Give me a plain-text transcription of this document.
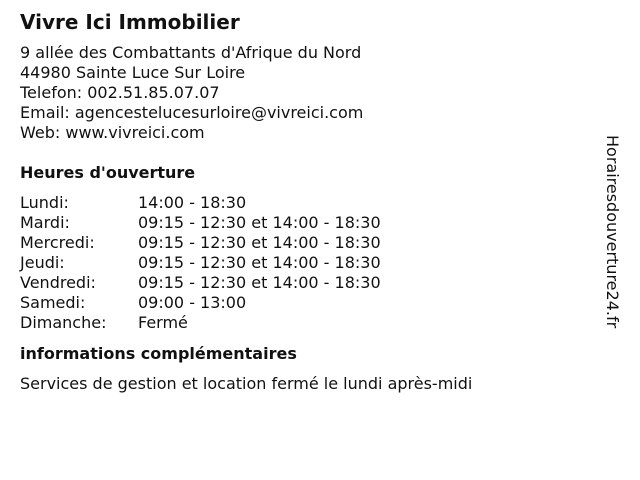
Vivre Ici Immobilier
9 allée des Combattants d'Afrique du Nord
44980 Sainte Luce Sur Loire
Telefon: 002.51.85.07.07
Email: agencestelucesurloire@vivreici.com
Web: www.vivreici.com
Heures d'ouverture
Lundi:	14:00 - 18:30
Mardi:	09:15 - 12:30 et 14:00 - 18:30
Mercredi:	09:15 - 12:30 et 14:00 - 18:30
Jeudi:	09:15 - 12:30 et 14:00 - 18:30
Vendredi:	09:15 - 12:30 et 14:00 - 18:30
Samedi:	09:00 - 13:00
Dimanche:	Fermé
informations complémentaires
Services de gestion et location fermé le lundi après-midi
Horairesdouverture24.fr
